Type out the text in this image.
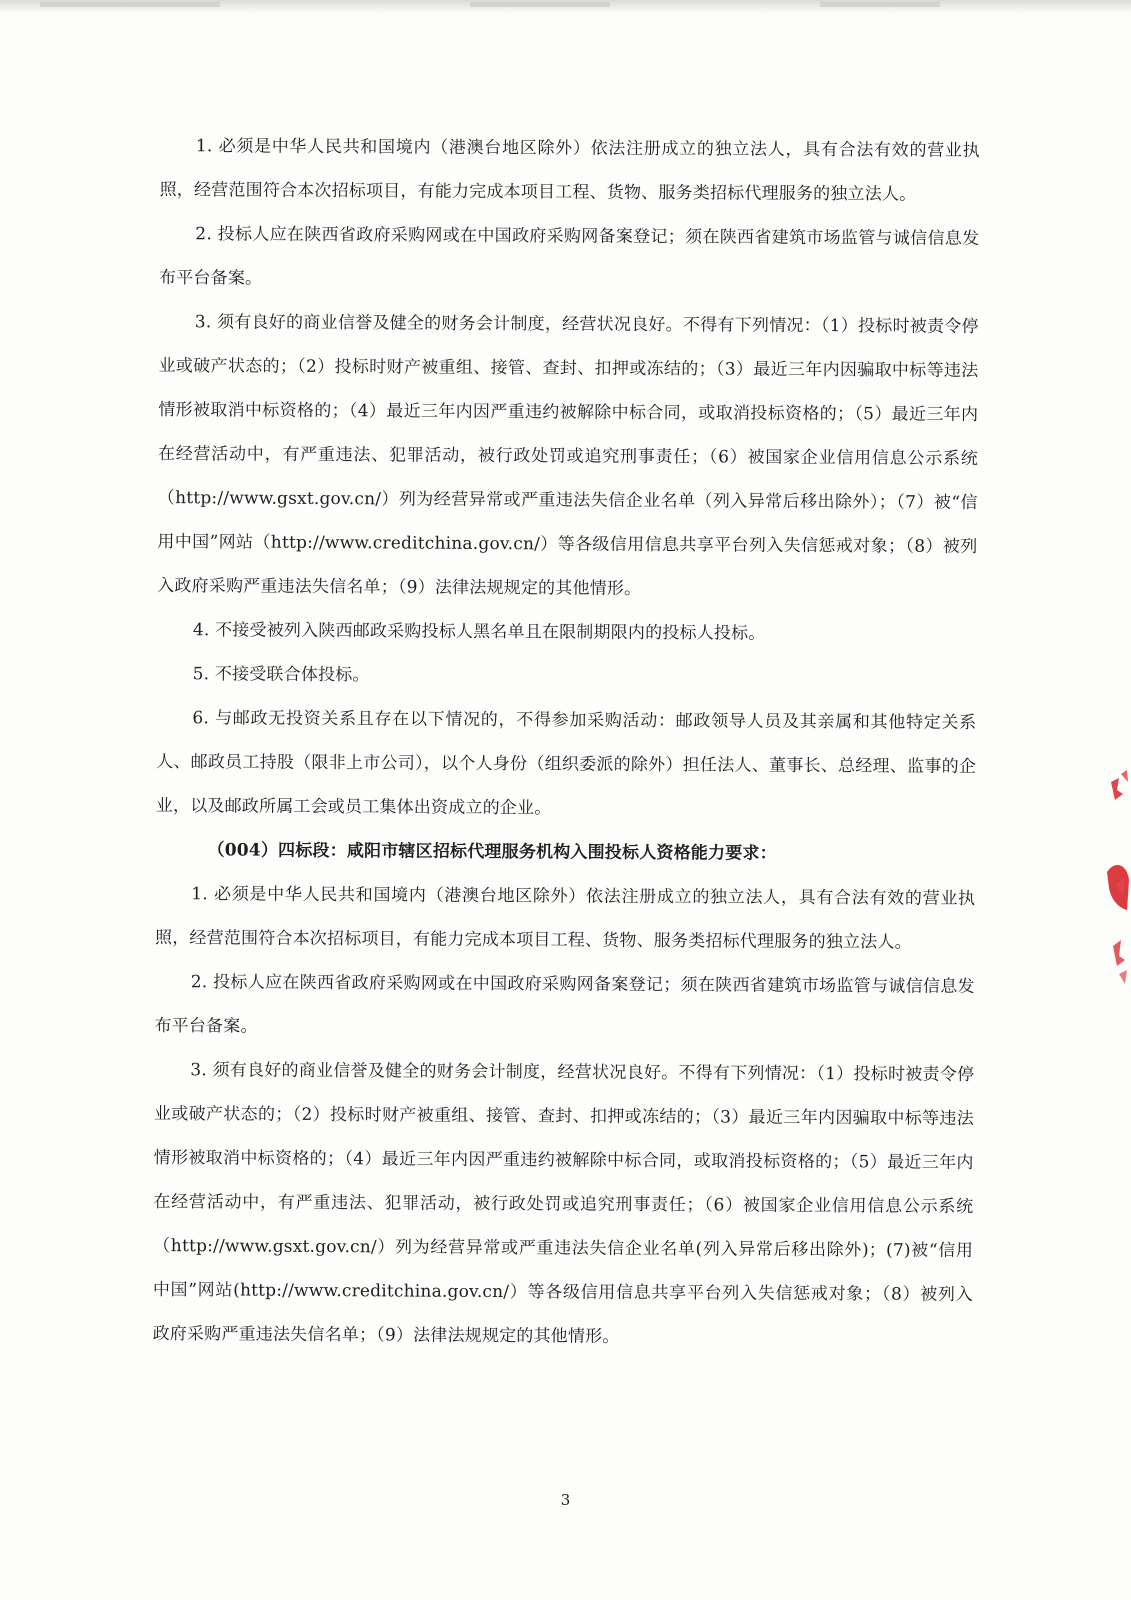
1. 必须是中华人民共和国境内（港澳台地区除外）依法注册成立的独立法人，具有合法有效的营业执照，经营范围符合本次招标项目，有能力完成本项目工程、货物、服务类招标代理服务的独立法人。

2. 投标人应在陕西省政府采购网或在中国政府采购网备案登记；须在陕西省建筑市场监管与诚信信息发布平台备案。

3. 须有良好的商业信誉及健全的财务会计制度，经营状况良好。不得有下列情况：（1）投标时被责令停业或破产状态的；（2）投标时财产被重组、接管、查封、扣押或冻结的；（3）最近三年内因骗取中标等违法情形被取消中标资格的；（4）最近三年内因严重违约被解除中标合同，或取消投标资格的；（5）最近三年内在经营活动中，有严重违法、犯罪活动，被行政处罚或追究刑事责任；（6）被国家企业信用信息公示系统（http://www.gsxt.gov.cn/）列为经营异常或严重违法失信企业名单（列入异常后移出除外）；（7）被“信用中国”网站（http://www.creditchina.gov.cn/）等各级信用信息共享平台列入失信惩戒对象；（8）被列入政府采购严重违法失信名单；（9）法律法规规定的其他情形。

4. 不接受被列入陕西邮政采购投标人黑名单且在限制期限内的投标人投标。

5. 不接受联合体投标。

6. 与邮政无投资关系且存在以下情况的，不得参加采购活动：邮政领导人员及其亲属和其他特定关系人、邮政员工持股（限非上市公司），以个人身份（组织委派的除外）担任法人、董事长、总经理、监事的企业，以及邮政所属工会或员工集体出资成立的企业。

（004）四标段：咸阳市辖区招标代理服务机构入围投标人资格能力要求：

1. 必须是中华人民共和国境内（港澳台地区除外）依法注册成立的独立法人，具有合法有效的营业执照，经营范围符合本次招标项目，有能力完成本项目工程、货物、服务类招标代理服务的独立法人。

2. 投标人应在陕西省政府采购网或在中国政府采购网备案登记；须在陕西省建筑市场监管与诚信信息发布平台备案。

3. 须有良好的商业信誉及健全的财务会计制度，经营状况良好。不得有下列情况：（1）投标时被责令停业或破产状态的；（2）投标时财产被重组、接管、查封、扣押或冻结的；（3）最近三年内因骗取中标等违法情形被取消中标资格的；（4）最近三年内因严重违约被解除中标合同，或取消投标资格的；（5）最近三年内在经营活动中，有严重违法、犯罪活动，被行政处罚或追究刑事责任；（6）被国家企业信用信息公示系统（http://www.gsxt.gov.cn/）列为经营异常或严重违法失信企业名单(列入异常后移出除外)；(7)被“信用中国”网站(http://www.creditchina.gov.cn/）等各级信用信息共享平台列入失信惩戒对象；（8）被列入政府采购严重违法失信名单；（9）法律法规规定的其他情形。

3
